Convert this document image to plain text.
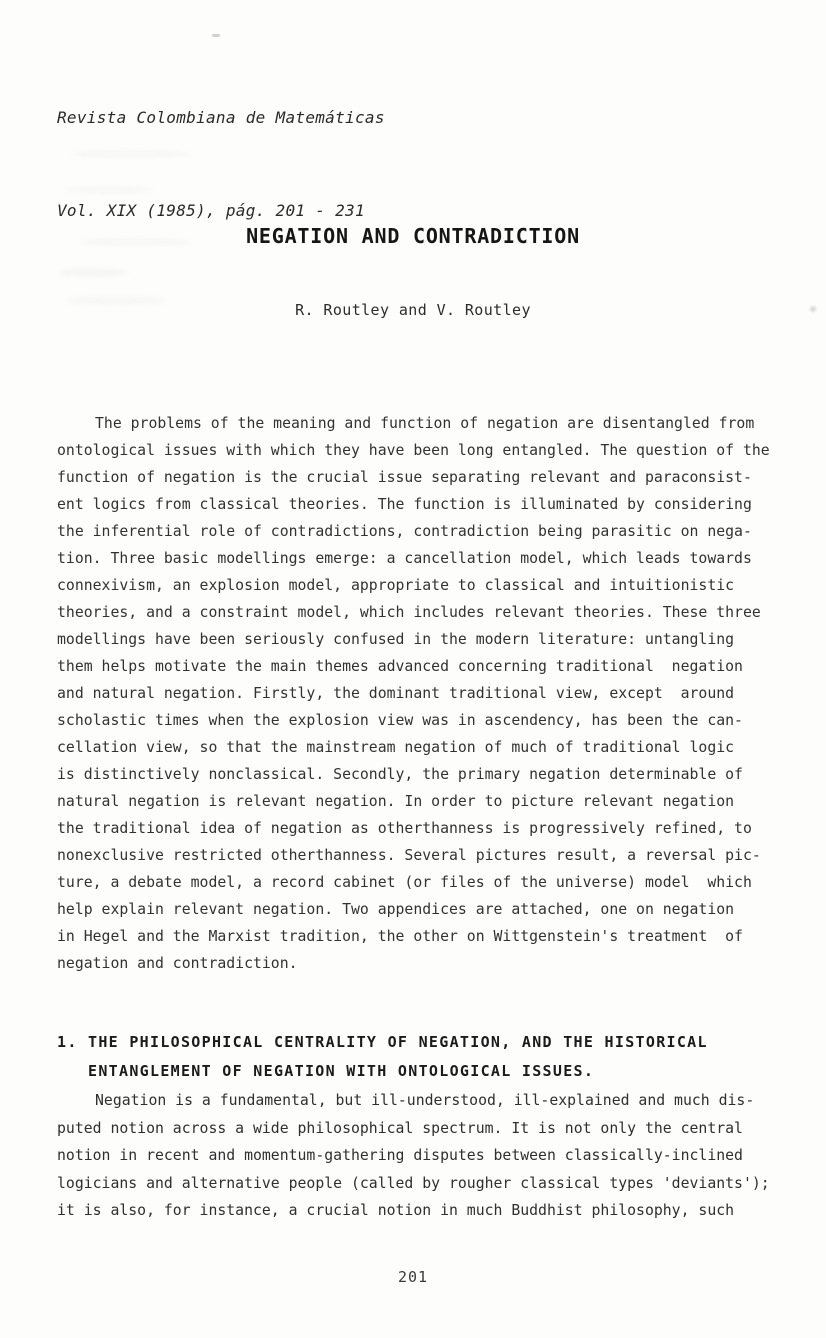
Revista Colombiana de Matemáticas

Vol. XIX (1985), pág. 201 - 231

NEGATION AND CONTRADICTION
R. Routley and V. Routley
The problems of the meaning and function of negation are disentangled from
ontological issues with which they have been long entangled. The question of the
function of negation is the crucial issue separating relevant and paraconsist-
ent logics from classical theories. The function is illuminated by considering
the inferential role of contradictions, contradiction being parasitic on nega-
tion. Three basic modellings emerge: a cancellation model, which leads towards
connexivism, an explosion model, appropriate to classical and intuitionistic
theories, and a constraint model, which includes relevant theories. These three
modellings have been seriously confused in the modern literature: untangling
them helps motivate the main themes advanced concerning traditional  negation
and natural negation. Firstly, the dominant traditional view, except  around
scholastic times when the explosion view was in ascendency, has been the can-
cellation view, so that the mainstream negation of much of traditional logic
is distinctively nonclassical. Secondly, the primary negation determinable of
natural negation is relevant negation. In order to picture relevant negation
the traditional idea of negation as otherthanness is progressively refined, to
nonexclusive restricted otherthanness. Several pictures result, a reversal pic-
ture, a debate model, a record cabinet (or files of the universe) model  which
help explain relevant negation. Two appendices are attached, one on negation
in Hegel and the Marxist tradition, the other on Wittgenstein's treatment  of
negation and contradiction.
1. THE PHILOSOPHICAL CENTRALITY OF NEGATION, AND THE HISTORICAL
ENTANGLEMENT OF NEGATION WITH ONTOLOGICAL ISSUES.
Negation is a fundamental, but ill-understood, ill-explained and much dis-
puted notion across a wide philosophical spectrum. It is not only the central
notion in recent and momentum-gathering disputes between classically-inclined
logicians and alternative people (called by rougher classical types 'deviants');
it is also, for instance, a crucial notion in much Buddhist philosophy, such
201
